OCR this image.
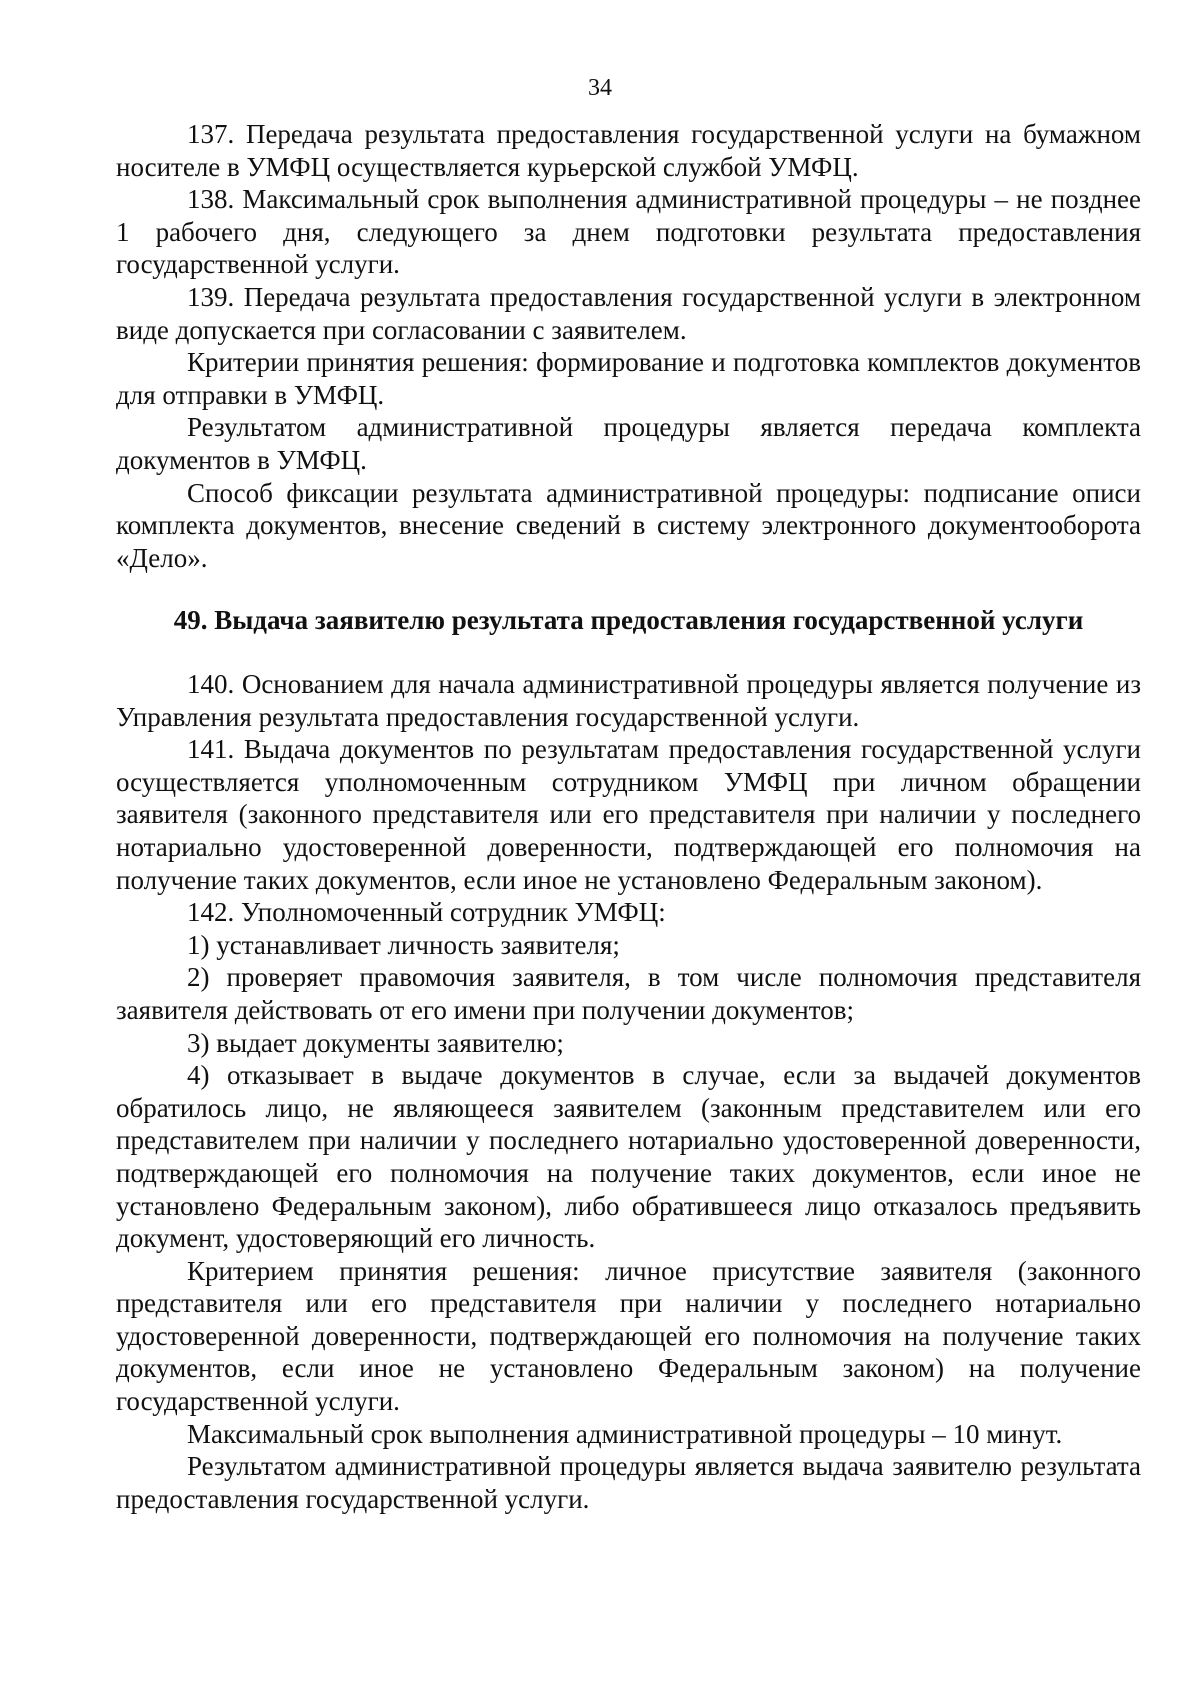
34

137. Передача результата предоставления государственной услуги на бумажном носителе в УМФЦ осуществляется курьерской службой УМФЦ.

138. Максимальный срок выполнения административной процедуры – не позднее 1 рабочего дня, следующего за днем подготовки результата предоставления государственной услуги.

139. Передача результата предоставления государственной услуги в электронном виде допускается при согласовании с заявителем.

Критерии принятия решения: формирование и подготовка комплектов документов для отправки в УМФЦ.

Результатом административной процедуры является передача комплекта документов в УМФЦ.

Способ фиксации результата административной процедуры: подписание описи комплекта документов, внесение сведений в систему электронного документооборота «Дело».

49. Выдача заявителю результата предоставления государственной услуги

140. Основанием для начала административной процедуры является получение из Управления результата предоставления государственной услуги.

141. Выдача документов по результатам предоставления государственной услуги осуществляется уполномоченным сотрудником УМФЦ при личном обращении заявителя (законного представителя или его представителя при наличии у последнего нотариально удостоверенной доверенности, подтверждающей его полномочия на получение таких документов, если иное не установлено Федеральным законом).

142. Уполномоченный сотрудник УМФЦ:

1) устанавливает личность заявителя;

2) проверяет правомочия заявителя, в том числе полномочия представителя заявителя действовать от его имени при получении документов;

3) выдает документы заявителю;

4) отказывает в выдаче документов в случае, если за выдачей документов обратилось лицо, не являющееся заявителем (законным представителем или его представителем при наличии у последнего нотариально удостоверенной доверенности, подтверждающей его полномочия на получение таких документов, если иное не установлено Федеральным законом), либо обратившееся лицо отказалось предъявить документ, удостоверяющий его личность.

Критерием принятия решения: личное присутствие заявителя (законного представителя или его представителя при наличии у последнего нотариально удостоверенной доверенности, подтверждающей его полномочия на получение таких документов, если иное не установлено Федеральным законом) на получение государственной услуги.

Максимальный срок выполнения административной процедуры – 10 минут.

Результатом административной процедуры является выдача заявителю результата предоставления государственной услуги.
